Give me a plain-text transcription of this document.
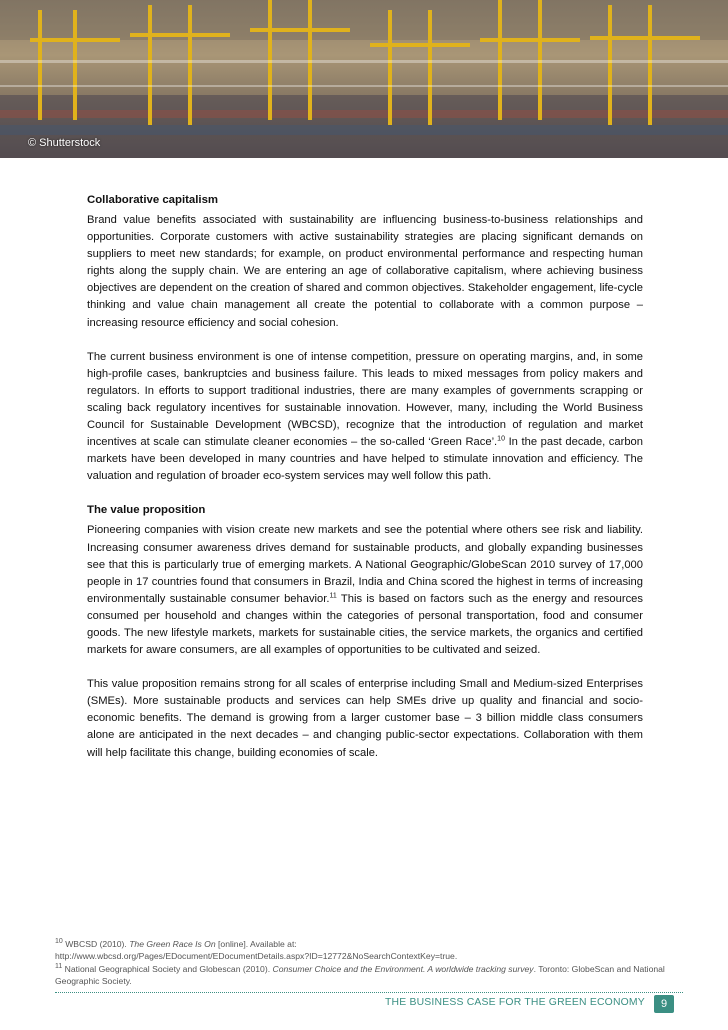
© Shutterstock
Collaborative capitalism

Brand value benefits associated with sustainability are influencing business-to-business relationships and opportunities. Corporate customers with active sustainability strategies are placing significant demands on suppliers to meet new standards; for example, on product environmental performance and respecting human rights along the supply chain. We are entering an age of collaborative capitalism, where achieving business objectives are dependent on the creation of shared and common objectives. Stakeholder engagement, life-cycle thinking and value chain management all create the potential to collaborate with a common purpose – increasing resource efficiency and social cohesion.

The current business environment is one of intense competition, pressure on operating margins, and, in some high-profile cases, bankruptcies and business failure. This leads to mixed messages from policy makers and regulators. In efforts to support traditional industries, there are many examples of governments scrapping or scaling back regulatory incentives for sustainable innovation. However, many, including the World Business Council for Sustainable Development (WBCSD), recognize that the introduction of regulation and market incentives at scale can stimulate cleaner economies – the so-called ‘Green Race’.$^{10}$ In the past decade, carbon markets have been developed in many countries and have helped to stimulate innovation and efficiency. The valuation and regulation of broader eco-system services may well follow this path.

The value proposition

Pioneering companies with vision create new markets and see the potential where others see risk and liability. Increasing consumer awareness drives demand for sustainable products, and globally expanding businesses see that this is particularly true of emerging markets. A National Geographic/GlobeScan 2010 survey of 17,000 people in 17 countries found that consumers in Brazil, India and China scored the highest in terms of increasing environmentally sustainable consumer behavior.$^{11}$ This is based on factors such as the energy and resources consumed per household and changes within the categories of personal transportation, food and consumer goods. The new lifestyle markets, markets for sustainable cities, the service markets, the organics and certified markets for aware consumers, are all examples of opportunities to be cultivated and seized.

This value proposition remains strong for all scales of enterprise including Small and Medium-sized Enterprises (SMEs). More sustainable products and services can help SMEs drive up quality and financial and socio-economic benefits. The demand is growing from a larger customer base – 3 billion middle class consumers alone are anticipated in the next decades – and changing public-sector expectations. Collaboration with them will help facilitate this change, building economies of scale.

$^{10}$ WBCSD (2010). The Green Race Is On [online]. Available at:
http://www.wbcsd.org/Pages/EDocument/EDocumentDetails.aspx?ID=12772&NoSearchContextKey=true.
$^{11}$ National Geographical Society and Globescan (2010). Consumer Choice and the Environment. A worldwide tracking survey. Toronto: GlobeScan and National Geographic Society.
THE BUSINESS CASE FOR THE GREEN ECONOMY	9
